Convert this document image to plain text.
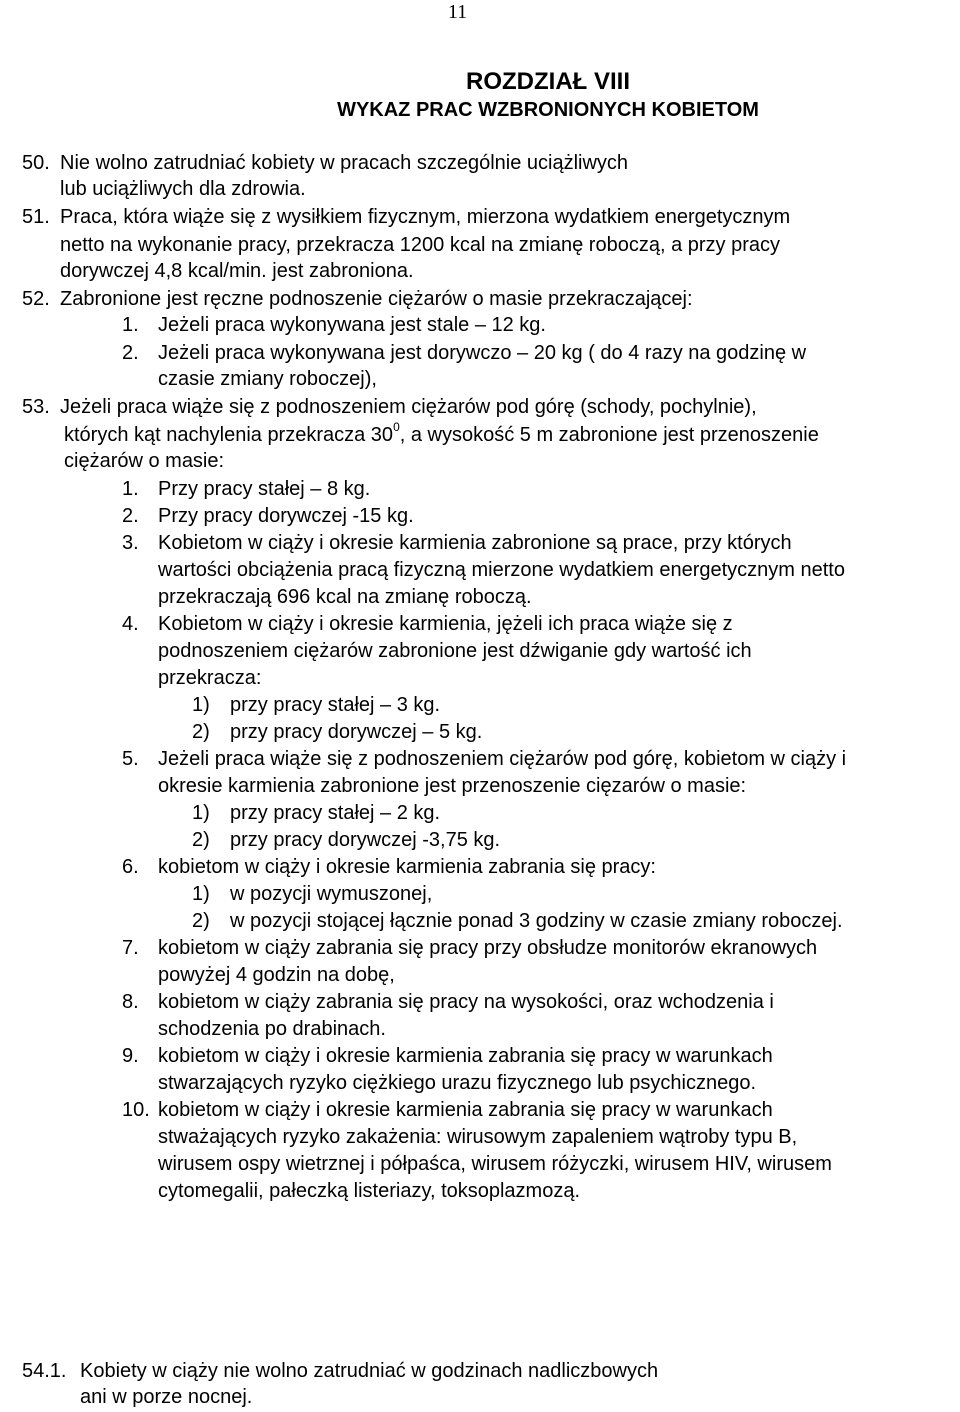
11
ROZDZIAŁ VIII
WYKAZ PRAC WZBRONIONYCH KOBIETOM
50. Nie wolno zatrudniać kobiety w pracach szczególnie uciążliwych
lub uciążliwych dla zdrowia.
51. Praca, która wiąże się z wysiłkiem fizycznym, mierzona wydatkiem energetycznym
netto na wykonanie pracy, przekracza 1200 kcal na zmianę roboczą, a przy pracy
dorywczej 4,8 kcal/min. jest zabroniona.
52. Zabronione jest ręczne podnoszenie ciężarów o masie przekraczającej:
1. Jeżeli praca wykonywana jest stale – 12 kg.
2. Jeżeli praca wykonywana jest dorywczo – 20 kg ( do 4 razy na godzinę w
czasie zmiany roboczej),
53. Jeżeli praca wiąże się z podnoszeniem ciężarów pod górę (schody, pochylnie),
których kąt nachylenia przekracza $30^0$, a wysokość 5 m zabronione jest przenoszenie
ciężarów o masie:
1. Przy pracy stałej – 8 kg.
2. Przy pracy dorywczej -15 kg.
3. Kobietom w ciąży i okresie karmienia zabronione są prace, przy których
wartości obciążenia pracą fizyczną mierzone wydatkiem energetycznym netto
przekraczają 696 kcal na zmianę roboczą.
4. Kobietom w ciąży i okresie karmienia, jężeli ich praca wiąże się z
podnoszeniem ciężarów zabronione jest dźwiganie gdy wartość ich
przekracza:
1) przy pracy stałej – 3 kg.
2) przy pracy dorywczej – 5 kg.
5. Jeżeli praca wiąże się z podnoszeniem ciężarów pod górę, kobietom w ciąży i
okresie karmienia zabronione jest przenoszenie cięzarów o masie:
1) przy pracy stałej – 2 kg.
2) przy pracy dorywczej -3,75 kg.
6. kobietom w ciąży i okresie karmienia zabrania się pracy:
1) w pozycji wymuszonej,
2) w pozycji stojącej łącznie ponad 3 godziny w czasie zmiany roboczej.
7. kobietom w ciąży zabrania się pracy przy obsłudze monitorów ekranowych
powyżej 4 godzin na dobę,
8. kobietom w ciąży zabrania się pracy na wysokości, oraz wchodzenia i
schodzenia po drabinach.
9. kobietom w ciąży i okresie karmienia zabrania się pracy w warunkach
stwarzających ryzyko ciężkiego urazu fizycznego lub psychicznego.
10. kobietom w ciąży i okresie karmienia zabrania się pracy w warunkach
stważających ryzyko zakażenia: wirusowym zapaleniem wątroby typu B,
wirusem ospy wietrznej i półpaśca, wirusem różyczki, wirusem HIV, wirusem
cytomegalii, pałeczką listeriazy, toksoplazmozą.
54.1. Kobiety w ciąży nie wolno zatrudniać w godzinach nadliczbowych
ani w porze nocnej.
